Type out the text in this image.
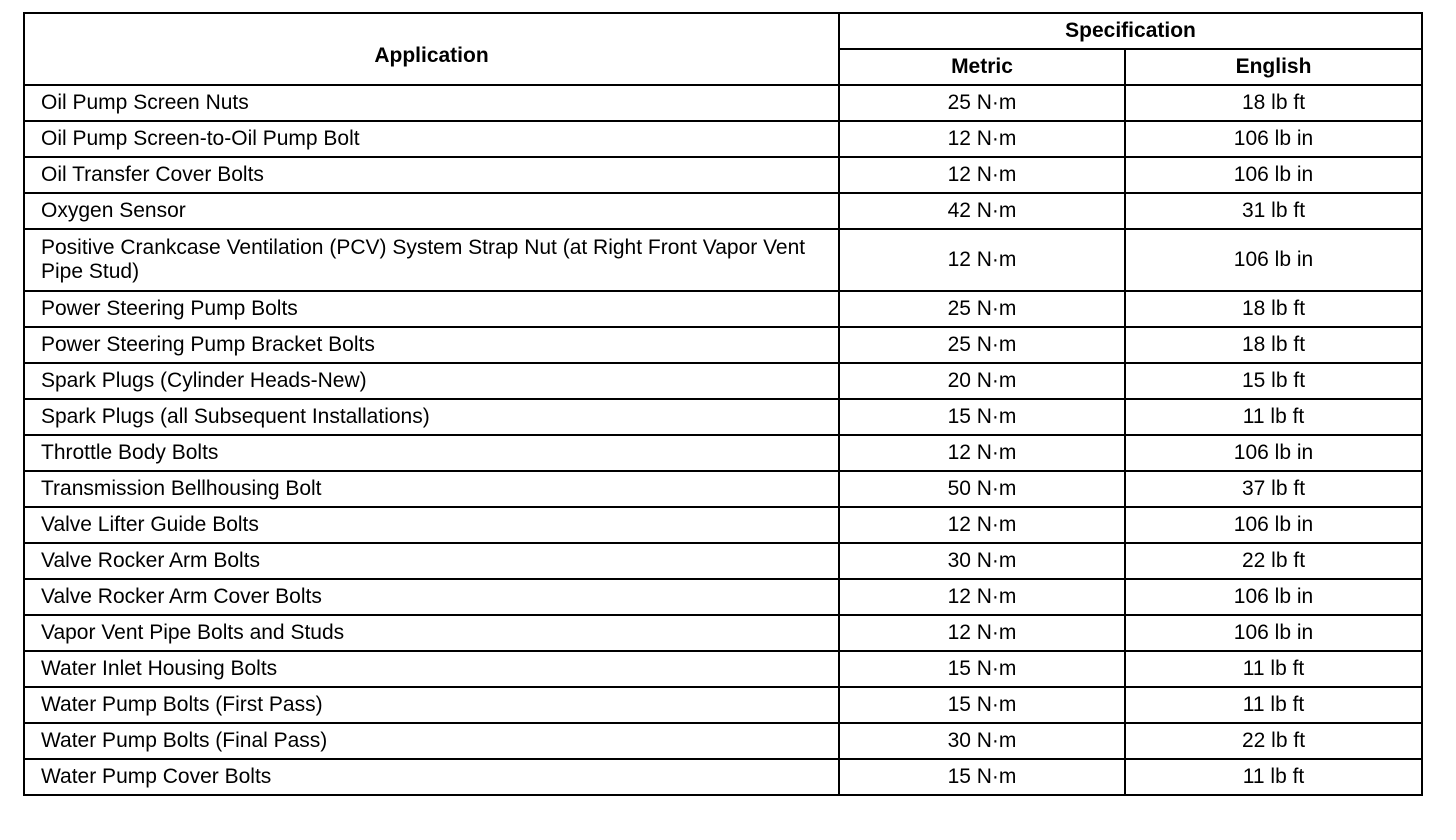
Application	Specification	
	Metric	English
Oil Pump Screen Nuts	25 N·m	18 lb ft
Oil Pump Screen-to-Oil Pump Bolt	12 N·m	106 lb in
Oil Transfer Cover Bolts	12 N·m	106 lb in
Oxygen Sensor	42 N·m	31 lb ft
Positive Crankcase Ventilation (PCV) System Strap Nut (at Right Front Vapor Vent Pipe Stud)	12 N·m	106 lb in
Power Steering Pump Bolts	25 N·m	18 lb ft
Power Steering Pump Bracket Bolts	25 N·m	18 lb ft
Spark Plugs (Cylinder Heads-New)	20 N·m	15 lb ft
Spark Plugs (all Subsequent Installations)	15 N·m	11 lb ft
Throttle Body Bolts	12 N·m	106 lb in
Transmission Bellhousing Bolt	50 N·m	37 lb ft
Valve Lifter Guide Bolts	12 N·m	106 lb in
Valve Rocker Arm Bolts	30 N·m	22 lb ft
Valve Rocker Arm Cover Bolts	12 N·m	106 lb in
Vapor Vent Pipe Bolts and Studs	12 N·m	106 lb in
Water Inlet Housing Bolts	15 N·m	11 lb ft
Water Pump Bolts (First Pass)	15 N·m	11 lb ft
Water Pump Bolts (Final Pass)	30 N·m	22 lb ft
Water Pump Cover Bolts	15 N·m	11 lb ft
